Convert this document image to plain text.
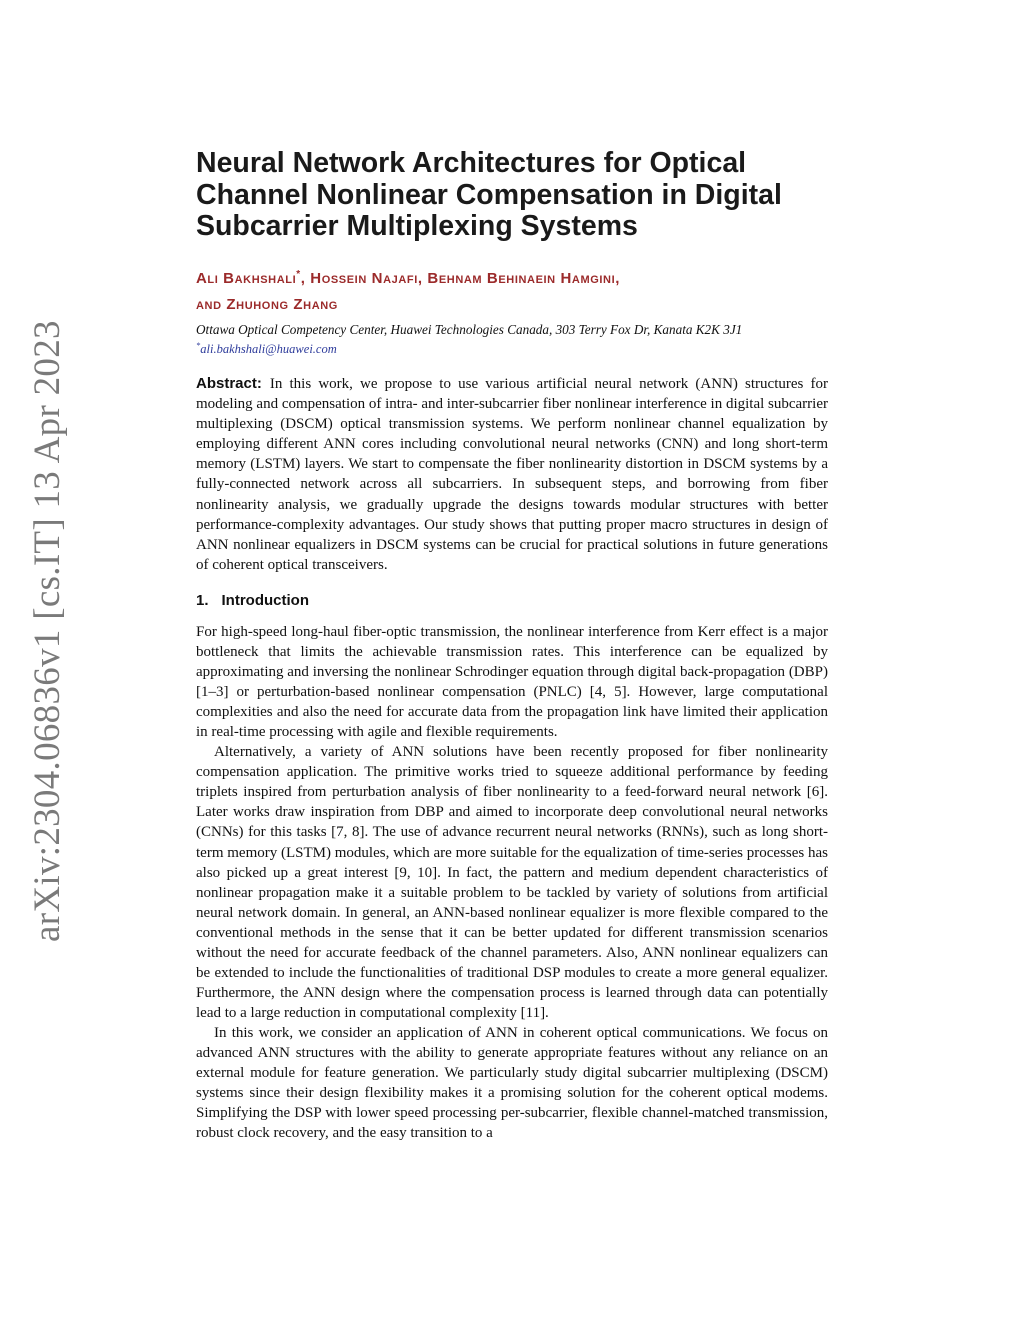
arXiv:2304.06836v1 [cs.IT] 13 Apr 2023
Neural Network Architectures for Optical Channel Nonlinear Compensation in Digital Subcarrier Multiplexing Systems
Ali Bakhshali*, Hossein Najafi, Behnam Behinaein Hamgini,
and Zhuhong Zhang
Ottawa Optical Competency Center, Huawei Technologies Canada, 303 Terry Fox Dr, Kanata K2K 3J1
*ali.bakhshali@huawei.com

Abstract: In this work, we propose to use various artificial neural network (ANN) structures for modeling and compensation of intra- and inter-subcarrier fiber nonlinear interference in digital subcarrier multiplexing (DSCM) optical transmission systems. We perform nonlinear channel equalization by employing different ANN cores including convolutional neural networks (CNN) and long short-term memory (LSTM) layers. We start to compensate the fiber nonlinearity distortion in DSCM systems by a fully-connected network across all subcarriers. In subsequent steps, and borrowing from fiber nonlinearity analysis, we gradually upgrade the designs towards modular structures with better performance-complexity advantages. Our study shows that putting proper macro structures in design of ANN nonlinear equalizers in DSCM systems can be crucial for practical solutions in future generations of coherent optical transceivers.

1. Introduction

For high-speed long-haul fiber-optic transmission, the nonlinear interference from Kerr effect is a major bottleneck that limits the achievable transmission rates. This interference can be equalized by approximating and inversing the nonlinear Schrodinger equation through digital back-propagation (DBP) [1–3] or perturbation-based nonlinear compensation (PNLC) [4, 5]. However, large computational complexities and also the need for accurate data from the propagation link have limited their application in real-time processing with agile and flexible requirements.

Alternatively, a variety of ANN solutions have been recently proposed for fiber nonlinearity compensation application. The primitive works tried to squeeze additional performance by feeding triplets inspired from perturbation analysis of fiber nonlinearity to a feed-forward neural network [6]. Later works draw inspiration from DBP and aimed to incorporate deep convolutional neural networks (CNNs) for this tasks [7, 8]. The use of advance recurrent neural networks (RNNs), such as long short-term memory (LSTM) modules, which are more suitable for the equalization of time-series processes has also picked up a great interest [9, 10]. In fact, the pattern and medium dependent characteristics of nonlinear propagation make it a suitable problem to be tackled by variety of solutions from artificial neural network domain. In general, an ANN-based nonlinear equalizer is more flexible compared to the conventional methods in the sense that it can be better updated for different transmission scenarios without the need for accurate feedback of the channel parameters. Also, ANN nonlinear equalizers can be extended to include the functionalities of traditional DSP modules to create a more general equalizer. Furthermore, the ANN design where the compensation process is learned through data can potentially lead to a large reduction in computational complexity [11].

In this work, we consider an application of ANN in coherent optical communications. We focus on advanced ANN structures with the ability to generate appropriate features without any reliance on an external module for feature generation. We particularly study digital subcarrier multiplexing (DSCM) systems since their design flexibility makes it a promising solution for the coherent optical modems. Simplifying the DSP with lower speed processing per-subcarrier, flexible channel-matched transmission, robust clock recovery, and the easy transition to a
